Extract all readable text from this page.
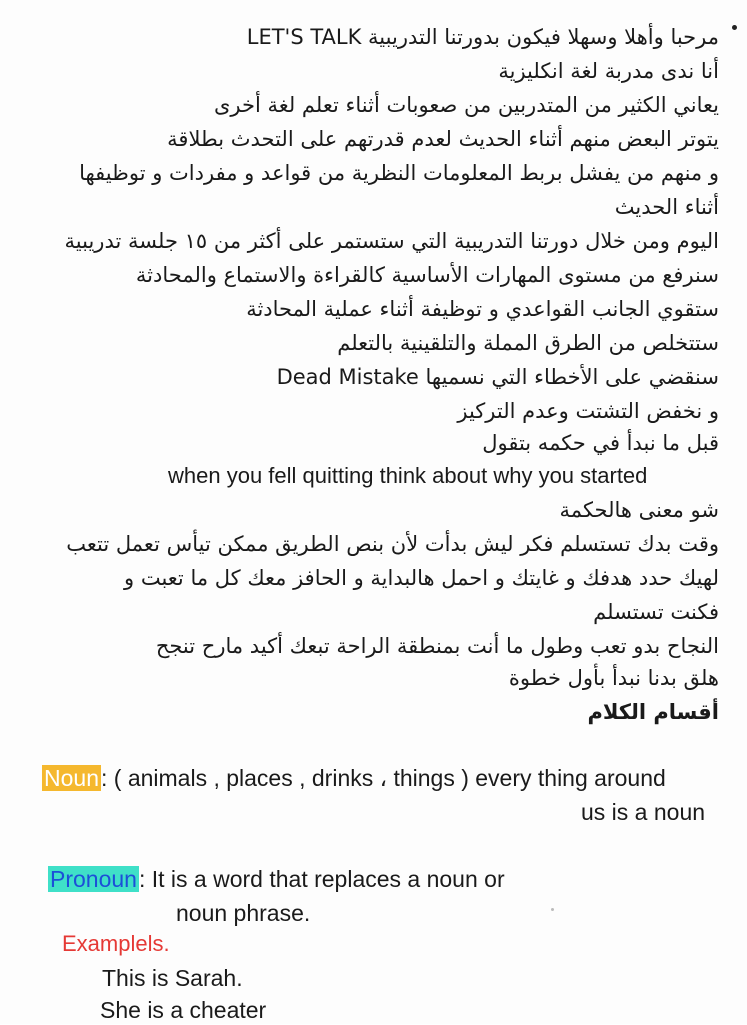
مرحبا وأهلا وسهلا فيكون بدورتنا التدريبية LET'S TALK
أنا ندى مدربة لغة انكليزية
يعاني الكثير من المتدربين من صعوبات أثناء تعلم لغة أخرى
يتوتر البعض منهم أثناء الحديث لعدم قدرتهم على التحدث بطلاقة
و منهم من يفشل بربط المعلومات النظرية من قواعد و مفردات و توظيفها
أثناء الحديث
اليوم ومن خلال دورتنا التدريبية التي ستستمر على أكثر من ١٥ جلسة تدريبية
سنرفع من مستوى المهارات الأساسية كالقراءة والاستماع والمحادثة
ستقوي الجانب القواعدي و توظيفة أثناء عملية المحادثة
ستتخلص من الطرق المملة والتلقينية بالتعلم
سنقضي على الأخطاء التي نسميها Dead Mistake
و نخفض التشتت وعدم التركيز
قبل ما نبدأ في حكمه بتقول
when you fell quitting think about why you started
شو معنى هالحكمة
وقت بدك تستسلم فكر ليش بدأت لأن بنص الطريق ممكن تيأس تعمل تتعب
لهيك حدد هدفك و غايتك و احمل هالبداية و الحافز معك كل ما تعبت و
فكنت تستسلم
النجاح بدو تعب وطول ما أنت بمنطقة الراحة تبعك أكيد مارح تنجح
هلق بدنا نبدأ بأول خطوة
أقسام الكلام
Noun: ( animals , places , drinks ، things ) every thing around
us is a noun
Pronoun: It is a word that replaces a noun or
noun phrase.
Examplels.
This is Sarah.
She is a cheater
